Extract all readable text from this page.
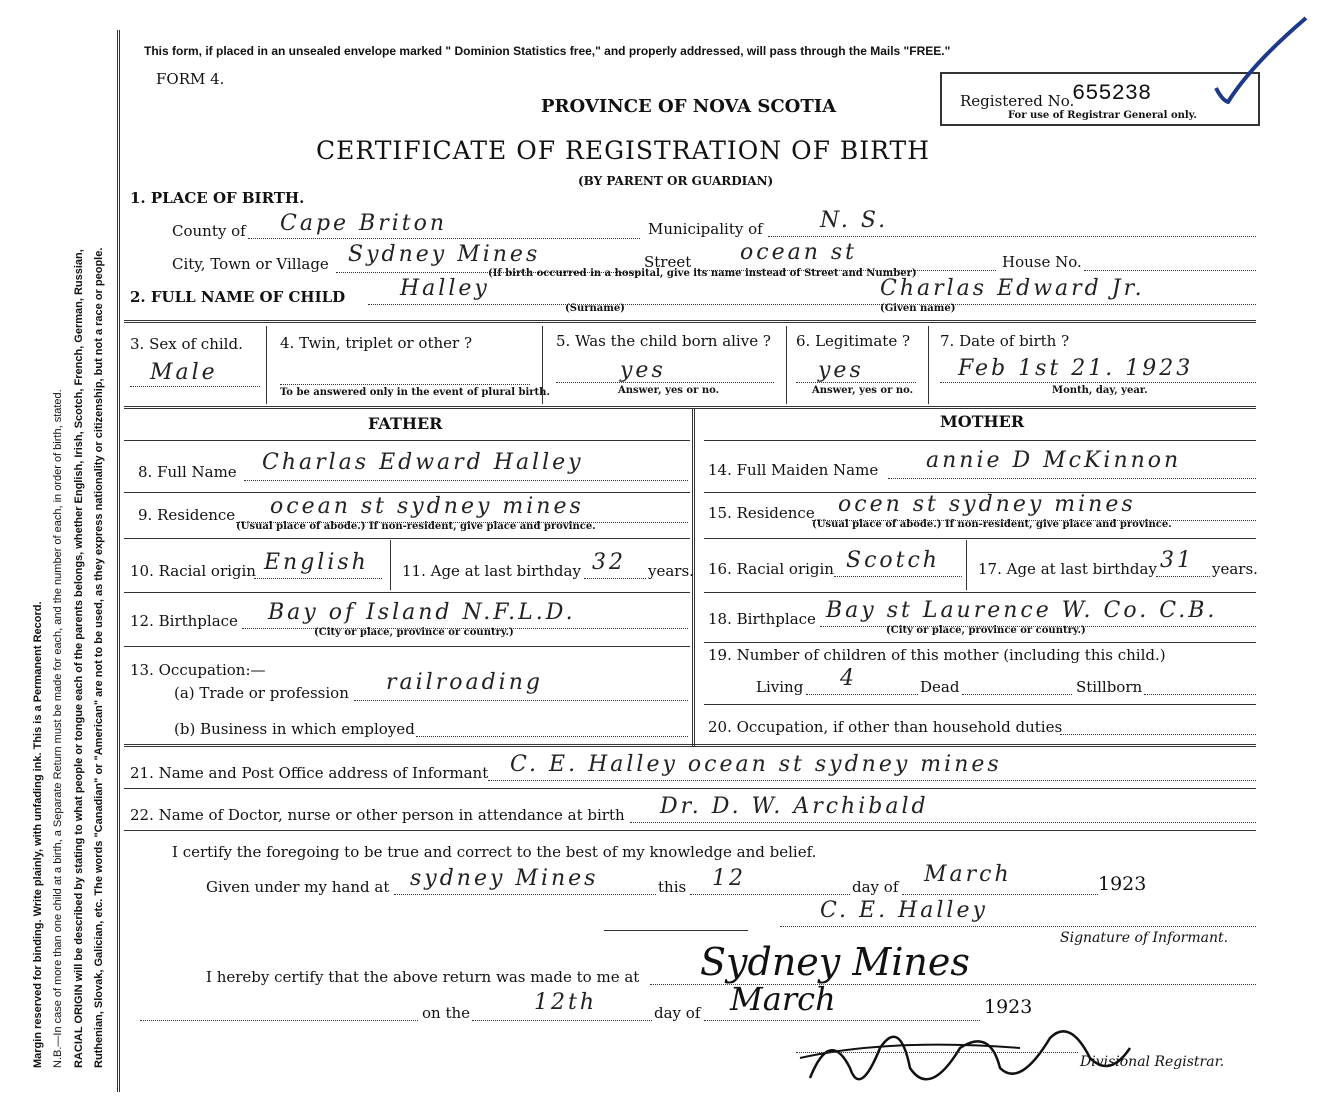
Margin reserved for binding. Write plainly, with unfading ink. This is a Permanent Record. N.B.—In case of more than one child at a birth, a Separate Return must be made for each, and the number of each, in order of birth, stated. RACIAL ORIGIN will be described by stating to what people or tongue each of the parents belongs, whether English, Irish, Scotch, French, German, Russian, Ruthenian, Slovak, Galician, etc. The words "Canadian" or "American" are not to be used, as they express nationality or citizenship, but not a race or people.
This form, if placed in an unsealed envelope marked " Dominion Statistics free," and properly addressed, will pass through the Mails "FREE."
FORM 4.
PROVINCE OF NOVA SCOTIA	Registered No.
655238
For use of Registrar General only.
CERTIFICATE OF REGISTRATION OF BIRTH
(BY PARENT OR GUARDIAN)
1. PLACE OF BIRTH.
County of Cape Briton	Municipality of	N. S.
City, Town or Village Sydney Mines	Street ocean st	House No.
(If birth occurred in a hospital, give its name instead of Street and Number)
2. FULL NAME OF CHILD Halley	Charlas Edward Jr.
(Surname)	(Given name)
3. Sex of child.
Male
4. Twin, triplet or other ?
To be answered only in the event of plural birth.
5. Was the child born alive ?
yes
Answer, yes or no.
6. Legitimate ?
yes
Answer, yes or no.
7. Date of birth ?
Feb 1st 21. 1923
Month, day, year.
FATHER	MOTHER
8. Full Name Charlas Edward Halley
9. Residence ocean st sydney mines
(Usual place of abode.) If non-resident, give place and province.
10. Racial origin English 11. Age at last birthday 32 years.
12. Birthplace Bay of Island N.F.L.D.
(City or place, province or country.)
13. Occupation:—
(a) Trade or profession railroading
(b) Business in which employed
14. Full Maiden Name annie D McKinnon
15. Residence ocen st sydney mines
(Usual place of abode.) If non-resident, give place and province.
16. Racial origin Scotch	17. Age at last birthday 31 years.
18. Birthplace Bay st Laurence W. Co. C.B.
(City or place, province or country.)
19. Number of children of this mother (including this child.)
Living 4	Dead	Stillborn
20. Occupation, if other than household duties
21. Name and Post Office address of Informant C. E. Halley ocean st sydney mines
22. Name of Doctor, nurse or other person in attendance at birth Dr. D. W. Archibald
I certify the foregoing to be true and correct to the best of my knowledge and belief.
Given under my hand at sydney Mines	this 12	day of March	1923
C. E. Halley
Signature of Informant.
I hereby certify that the above return was made to me at Sydney Mines
on the	12th	day of March	1923
Divisional Registrar.
